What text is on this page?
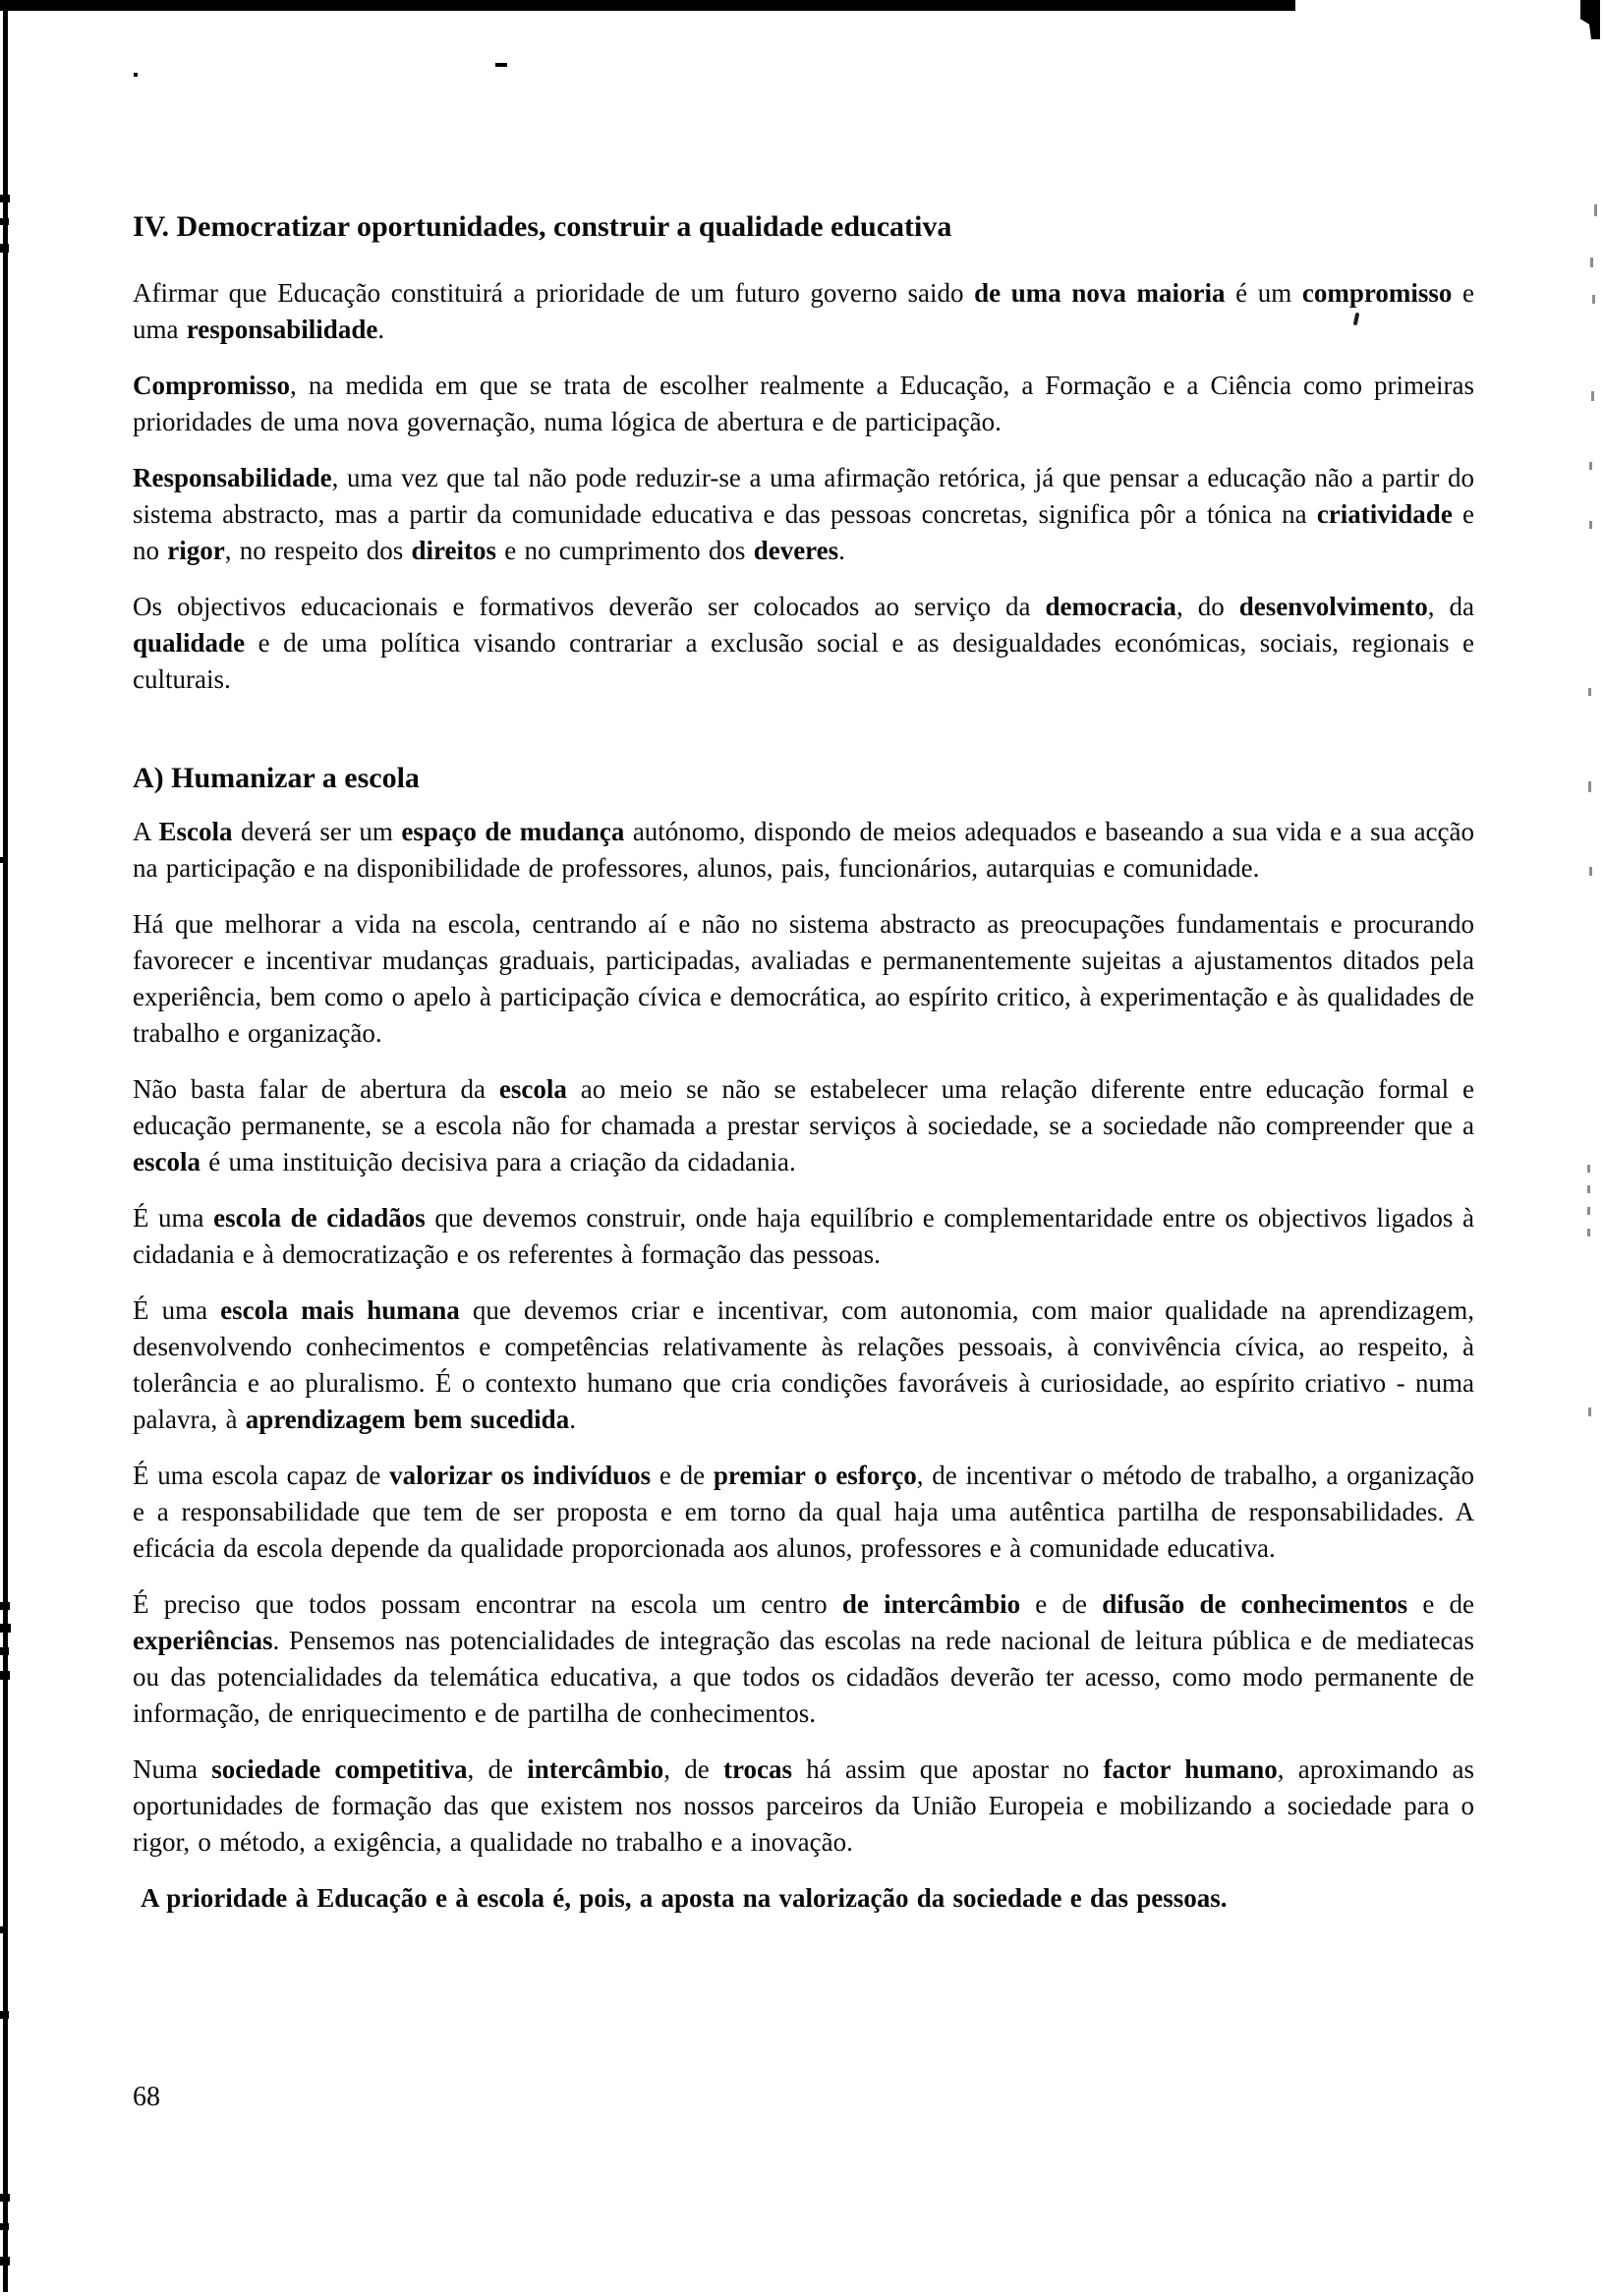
IV. Democratizar oportunidades, construir a qualidade educativa

Afirmar que Educação constituirá a prioridade de um futuro governo saido de uma nova maioria é um compromisso e uma responsabilidade.

Compromisso, na medida em que se trata de escolher realmente a Educação, a Formação e a Ciência como primeiras prioridades de uma nova governação, numa lógica de abertura e de participação.

Responsabilidade, uma vez que tal não pode reduzir-se a uma afirmação retórica, já que pensar a educação não a partir do sistema abstracto, mas a partir da comunidade educativa e das pessoas concretas, significa pôr a tónica na criatividade e no rigor, no respeito dos direitos e no cumprimento dos deveres.

Os objectivos educacionais e formativos deverão ser colocados ao serviço da democracia, do desenvolvimento, da qualidade e de uma política visando contrariar a exclusão social e as desigualdades económicas, sociais, regionais e culturais.

A) Humanizar a escola

A Escola deverá ser um espaço de mudança autónomo, dispondo de meios adequados e baseando a sua vida e a sua acção na participação e na disponibilidade de professores, alunos, pais, funcionários, autarquias e comunidade.

Há que melhorar a vida na escola, centrando aí e não no sistema abstracto as preocupações fundamentais e procurando favorecer e incentivar mudanças graduais, participadas, avaliadas e permanentemente sujeitas a ajustamentos ditados pela experiência, bem como o apelo à participação cívica e democrática, ao espírito critico, à experimentação e às qualidades de trabalho e organização.

Não basta falar de abertura da escola ao meio se não se estabelecer uma relação diferente entre educação formal e educação permanente, se a escola não for chamada a prestar serviços à sociedade, se a sociedade não compreender que a escola é uma instituição decisiva para a criação da cidadania.

É uma escola de cidadãos que devemos construir, onde haja equilíbrio e complementaridade entre os objectivos ligados à cidadania e à democratização e os referentes à formação das pessoas.

É uma escola mais humana que devemos criar e incentivar, com autonomia, com maior qualidade na aprendizagem, desenvolvendo conhecimentos e competências relativamente às relações pessoais, à convivência cívica, ao respeito, à tolerância e ao pluralismo. É o contexto humano que cria condições favoráveis à curiosidade, ao espírito criativo - numa palavra, à aprendizagem bem sucedida.

É uma escola capaz de valorizar os indivíduos e de premiar o esforço, de incentivar o método de trabalho, a organização e a responsabilidade que tem de ser proposta e em torno da qual haja uma autêntica partilha de responsabilidades. A eficácia da escola depende da qualidade proporcionada aos alunos, professores e à comunidade educativa.

É preciso que todos possam encontrar na escola um centro de intercâmbio e de difusão de conhecimentos e de experiências. Pensemos nas potencialidades de integração das escolas na rede nacional de leitura pública e de mediatecas ou das potencialidades da telemática educativa, a que todos os cidadãos deverão ter acesso, como modo permanente de informação, de enriquecimento e de partilha de conhecimentos.

Numa sociedade competitiva, de intercâmbio, de trocas há assim que apostar no factor humano, aproximando as oportunidades de formação das que existem nos nossos parceiros da União Europeia e mobilizando a sociedade para o rigor, o método, a exigência, a qualidade no trabalho e a inovação.

A prioridade à Educação e à escola é, pois, a aposta na valorização da sociedade e das pessoas.

68
